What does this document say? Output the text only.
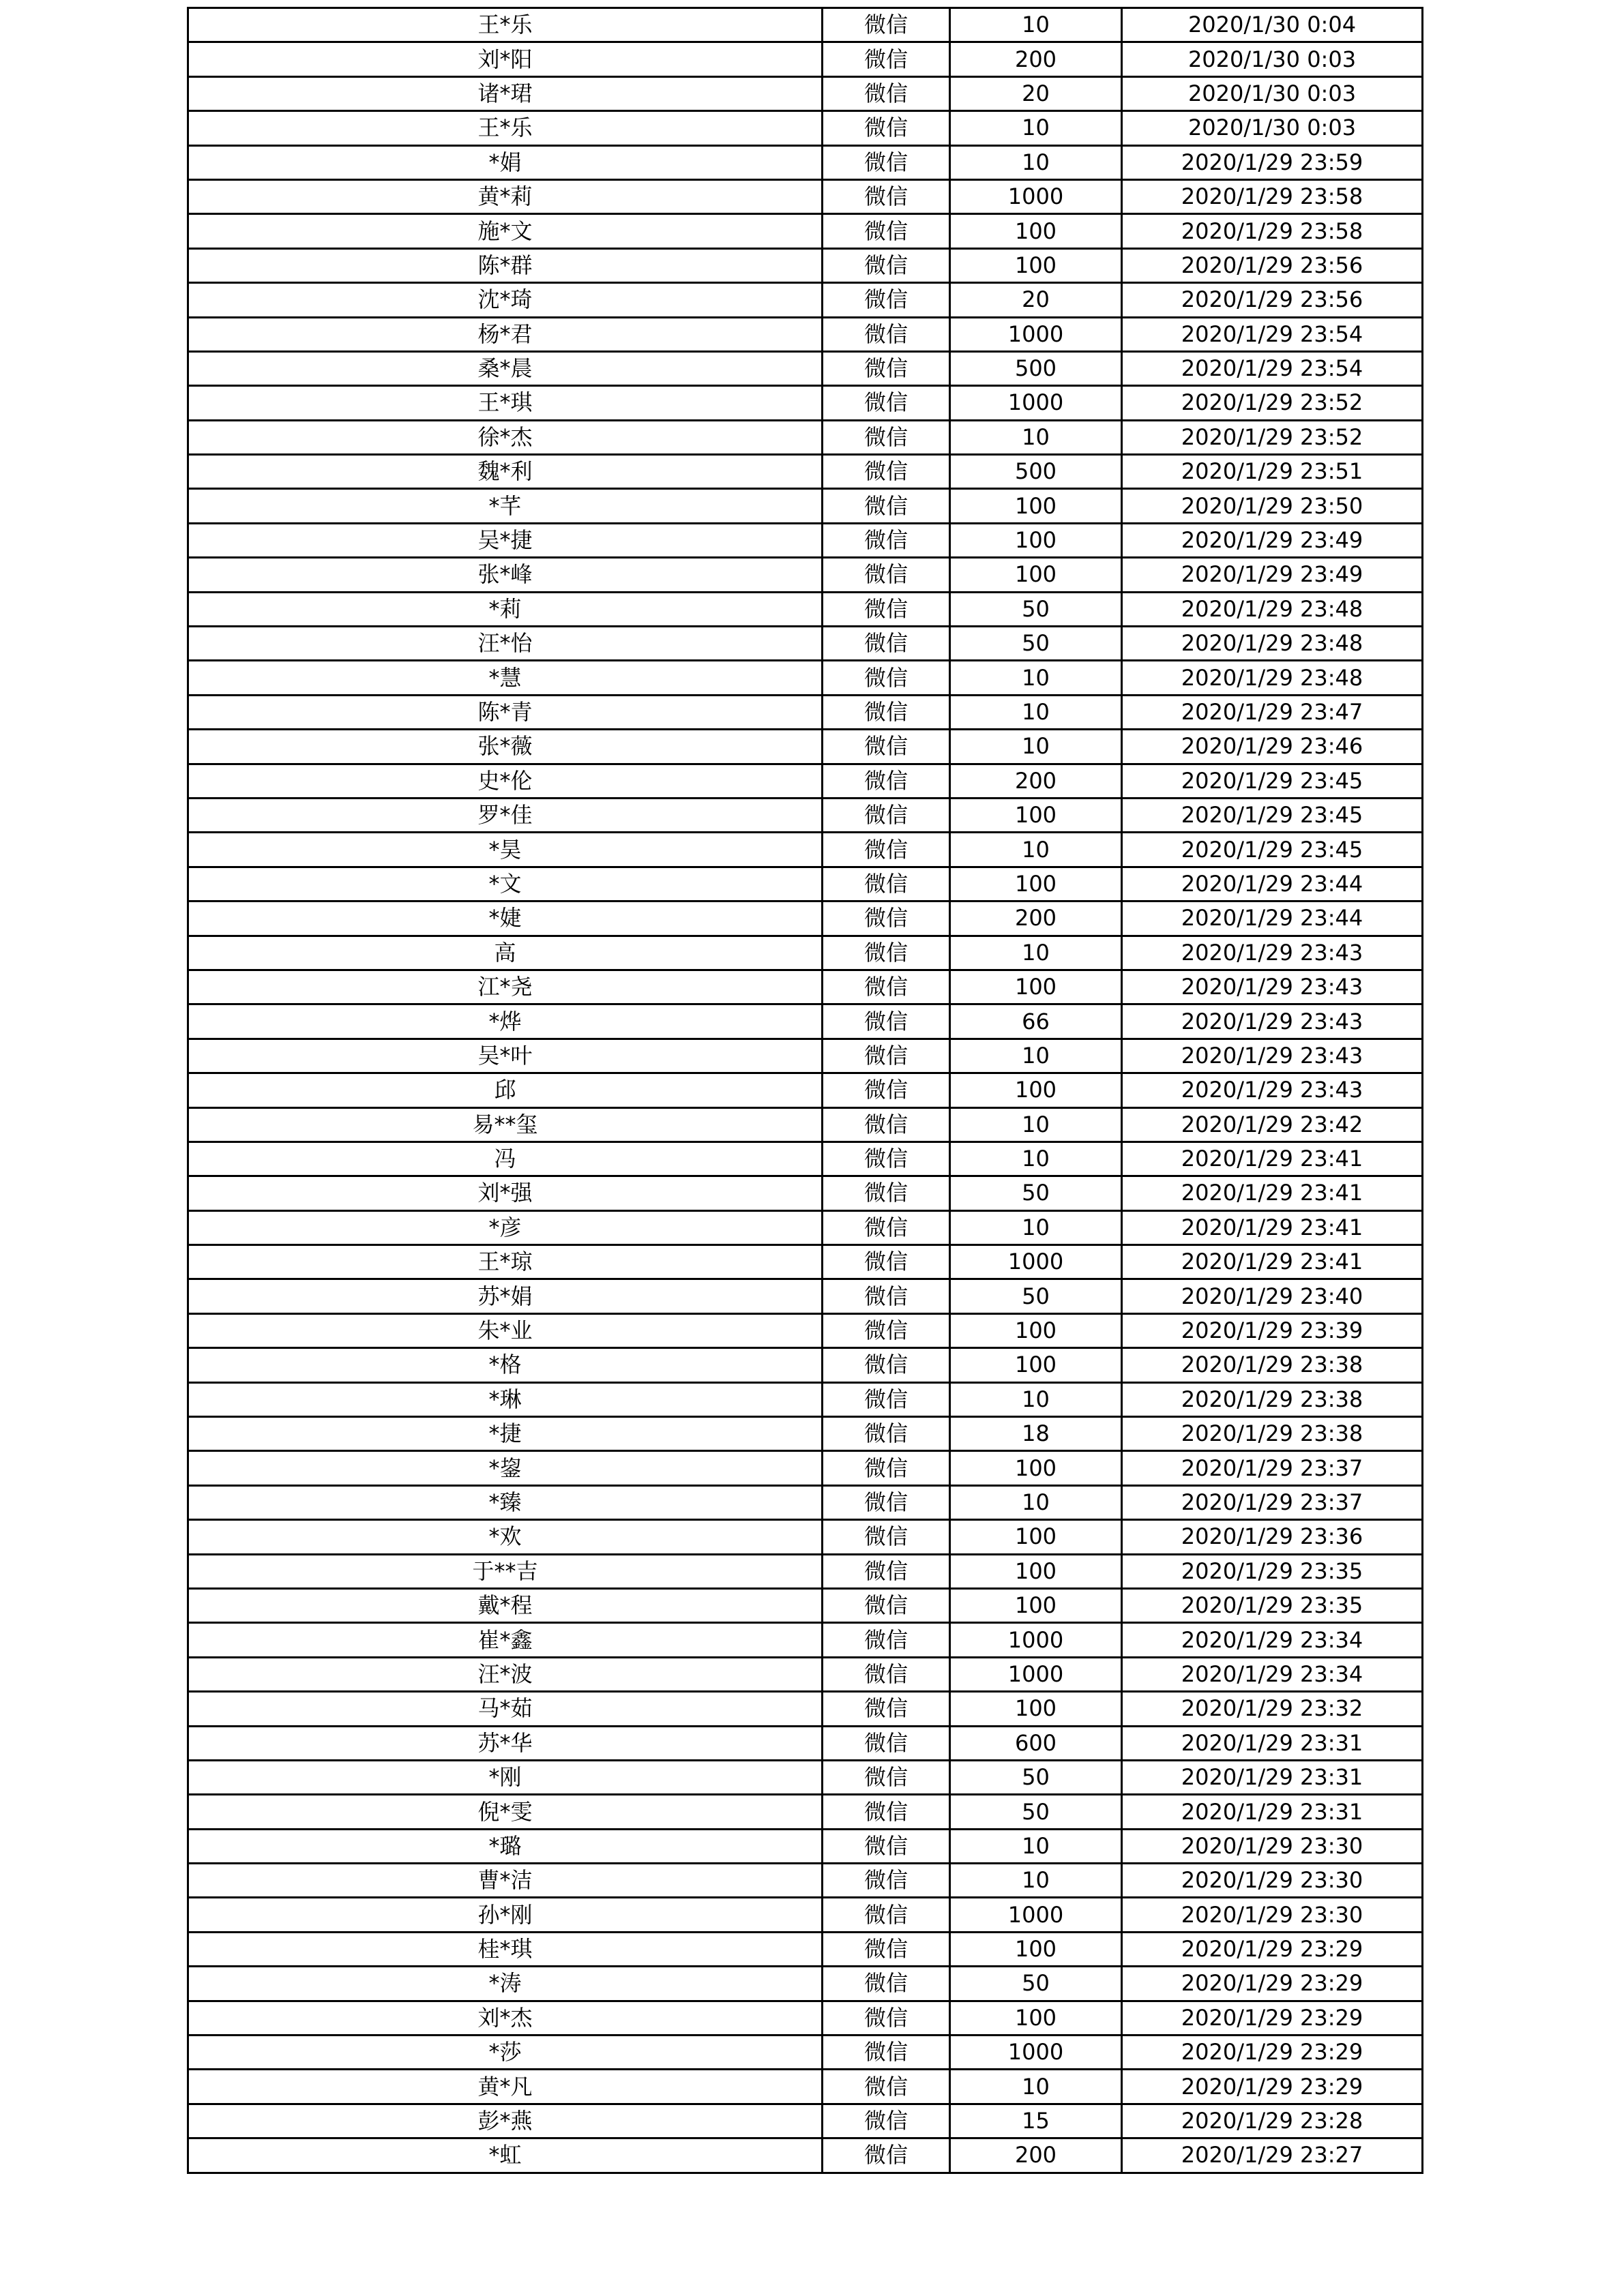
王*乐	微信	10	2020/1/30 0:04
刘*阳	微信	200	2020/1/30 0:03
诸*珺	微信	20	2020/1/30 0:03
王*乐	微信	10	2020/1/30 0:03
*娟	微信	10	2020/1/29 23:59
黄*莉	微信	1000	2020/1/29 23:58
施*文	微信	100	2020/1/29 23:58
陈*群	微信	100	2020/1/29 23:56
沈*琦	微信	20	2020/1/29 23:56
杨*君	微信	1000	2020/1/29 23:54
桑*晨	微信	500	2020/1/29 23:54
王*琪	微信	1000	2020/1/29 23:52
徐*杰	微信	10	2020/1/29 23:52
魏*利	微信	500	2020/1/29 23:51
*芊	微信	100	2020/1/29 23:50
吴*捷	微信	100	2020/1/29 23:49
张*峰	微信	100	2020/1/29 23:49
*莉	微信	50	2020/1/29 23:48
汪*怡	微信	50	2020/1/29 23:48
*慧	微信	10	2020/1/29 23:48
陈*青	微信	10	2020/1/29 23:47
张*薇	微信	10	2020/1/29 23:46
史*伦	微信	200	2020/1/29 23:45
罗*佳	微信	100	2020/1/29 23:45
*昊	微信	10	2020/1/29 23:45
*文	微信	100	2020/1/29 23:44
*婕	微信	200	2020/1/29 23:44
高	微信	10	2020/1/29 23:43
江*尧	微信	100	2020/1/29 23:43
*烨	微信	66	2020/1/29 23:43
吴*叶	微信	10	2020/1/29 23:43
邱	微信	100	2020/1/29 23:43
易**玺	微信	10	2020/1/29 23:42
冯	微信	10	2020/1/29 23:41
刘*强	微信	50	2020/1/29 23:41
*彦	微信	10	2020/1/29 23:41
王*琼	微信	1000	2020/1/29 23:41
苏*娟	微信	50	2020/1/29 23:40
朱*业	微信	100	2020/1/29 23:39
*格	微信	100	2020/1/29 23:38
*琳	微信	10	2020/1/29 23:38
*捷	微信	18	2020/1/29 23:38
*鋆	微信	100	2020/1/29 23:37
*臻	微信	10	2020/1/29 23:37
*欢	微信	100	2020/1/29 23:36
于**吉	微信	100	2020/1/29 23:35
戴*程	微信	100	2020/1/29 23:35
崔*鑫	微信	1000	2020/1/29 23:34
汪*波	微信	1000	2020/1/29 23:34
马*茹	微信	100	2020/1/29 23:32
苏*华	微信	600	2020/1/29 23:31
*刚	微信	50	2020/1/29 23:31
倪*雯	微信	50	2020/1/29 23:31
*璐	微信	10	2020/1/29 23:30
曹*洁	微信	10	2020/1/29 23:30
孙*刚	微信	1000	2020/1/29 23:30
桂*琪	微信	100	2020/1/29 23:29
*涛	微信	50	2020/1/29 23:29
刘*杰	微信	100	2020/1/29 23:29
*莎	微信	1000	2020/1/29 23:29
黄*凡	微信	10	2020/1/29 23:29
彭*燕	微信	15	2020/1/29 23:28
*虹	微信	200	2020/1/29 23:27
